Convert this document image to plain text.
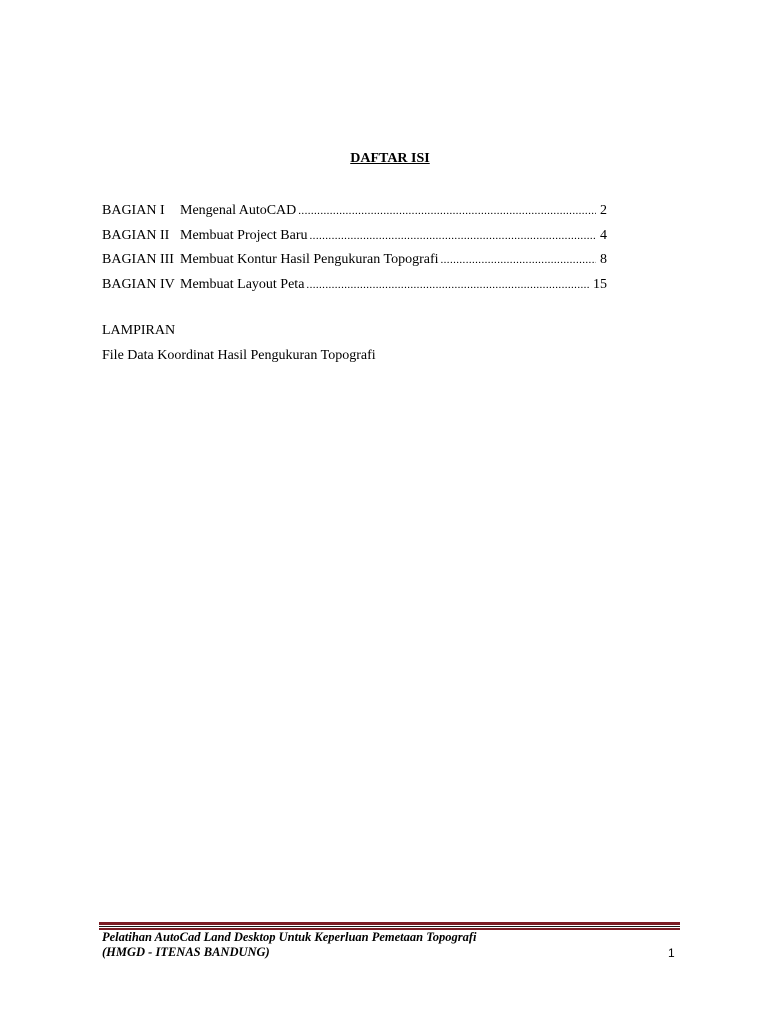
DAFTAR ISI
BAGIAN I	Mengenal AutoCAD .....	2
BAGIAN II Membuat Project Baru .....	4
BAGIAN III Membuat Kontur Hasil Pengukuran Topografi .....	8
BAGIAN IV Membuat Layout Peta .....	15

LAMPIRAN

File Data Koordinat Hasil Pengukuran Topografi

Pelatihan AutoCad Land Desktop Untuk Keperluan Pemetaan Topografi
(HMGD - ITENAS BANDUNG)	1
